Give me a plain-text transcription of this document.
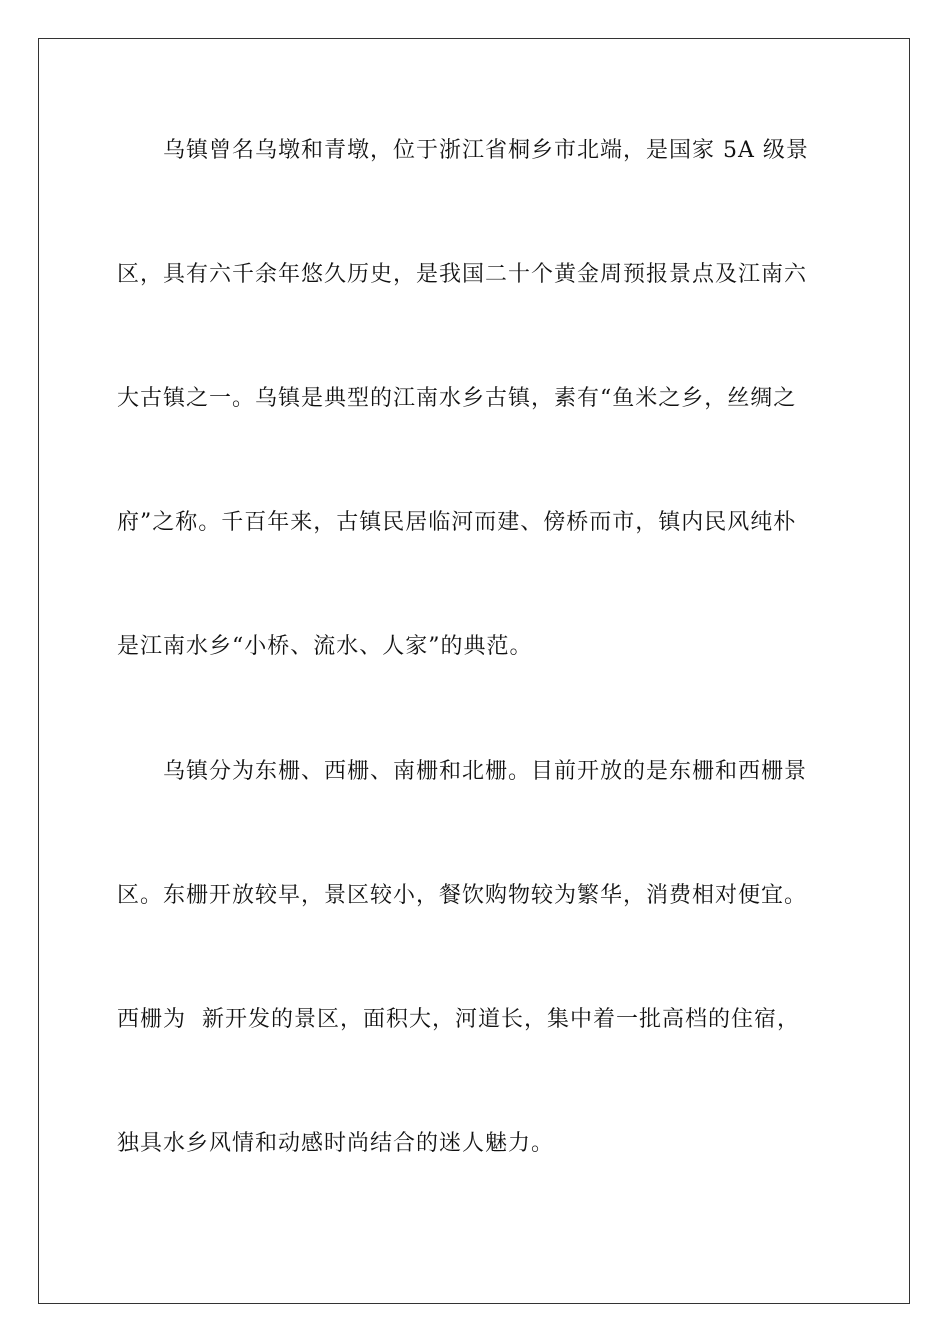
乌镇曾名乌墩和青墩，位于浙江省桐乡市北端，是国家 5A 级景
区，具有六千余年悠久历史，是我国二十个黄金周预报景点及江南六
大古镇之一。乌镇是典型的江南水乡古镇，素有“鱼米之乡，丝绸之
府”之称。千百年来，古镇民居临河而建、傍桥而市，镇内民风纯朴
是江南水乡“小桥、流水、人家”的典范。
乌镇分为东栅、西栅、南栅和北栅。目前开放的是东栅和西栅景
区。东栅开放较早，景区较小，餐饮购物较为繁华，消费相对便宜。
西栅为  新开发的景区，面积大，河道长，集中着一批高档的住宿，
独具水乡风情和动感时尚结合的迷人魅力。
